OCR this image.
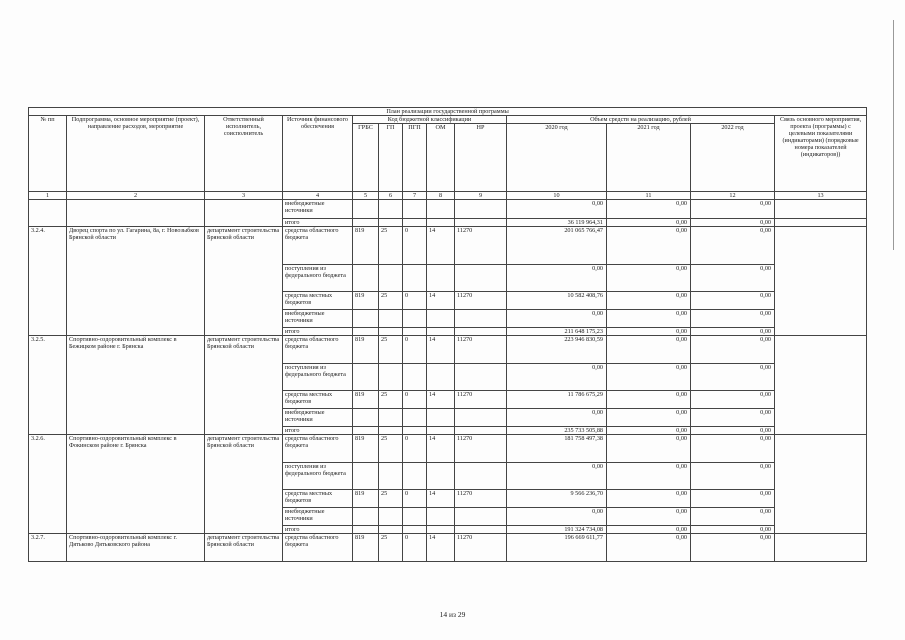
План реализации государственной программы												
№ пп	Подпрограмма, основное мероприятие (проект), направление расходов, мероприятие	Ответственный исполнитель, соисполнитель	Источник финансового обеспечения	Код бюджетной классификации					Объем средств на реализацию, рублей			Связь основного мероприятия, проекта (программы) с целевыми показателями (индикаторами) (порядковые номера показателей (индикаторов))
				ГРБС	ГП	ПГП	ОМ	НР	2020 год	2021 год	2022 год	
1	2	3	4	5	6	7	8	9	10	11	12	13
			внебюджетные источники						0,00	0,00	0,00	
			итого						36 119 964,31	0,00	0,00	
3.2.4.	Дворец спорта по ул. Гагарина, 8а, г. Новозыбков Брянской области	департамент строительства Брянской области	средства областного бюджета	819	25	0	14	11270	201 065 766,47	0,00	0,00	
			поступления из федерального бюджета						0,00	0,00	0,00	
			средства местных бюджетов	819	25	0	14	11270	10 582 408,76	0,00	0,00	
			внебюджетные источники						0,00	0,00	0,00	
			итого						211 648 175,23	0,00	0,00	
3.2.5.	Спортивно-оздоровительный комплекс в Бежицком районе г. Брянска	департамент строительства Брянской области	средства областного бюджета	819	25	0	14	11270	223 946 830,59	0,00	0,00	
			поступления из федерального бюджета						0,00	0,00	0,00	
			средства местных бюджетов	819	25	0	14	11270	11 786 675,29	0,00	0,00	
			внебюджетные источники						0,00	0,00	0,00	
			итого						235 733 505,88	0,00	0,00	
3.2.6.	Спортивно-оздоровительный комплекс в Фокинском районе г. Брянска	департамент строительства Брянской области	средства областного бюджета	819	25	0	14	11270	181 758 497,38	0,00	0,00	
			поступления из федерального бюджета						0,00	0,00	0,00	
			средства местных бюджетов	819	25	0	14	11270	9 566 236,70	0,00	0,00	
			внебюджетные источники						0,00	0,00	0,00	
			итого						191 324 734,08	0,00	0,00	
3.2.7.	Спортивно-оздоровительный комплекс г. Дятьково Дятьковского района	департамент строительства Брянской области	средства областного бюджета	819	25	0	14	11270	196 669 611,77	0,00	0,00	
14 из 29
